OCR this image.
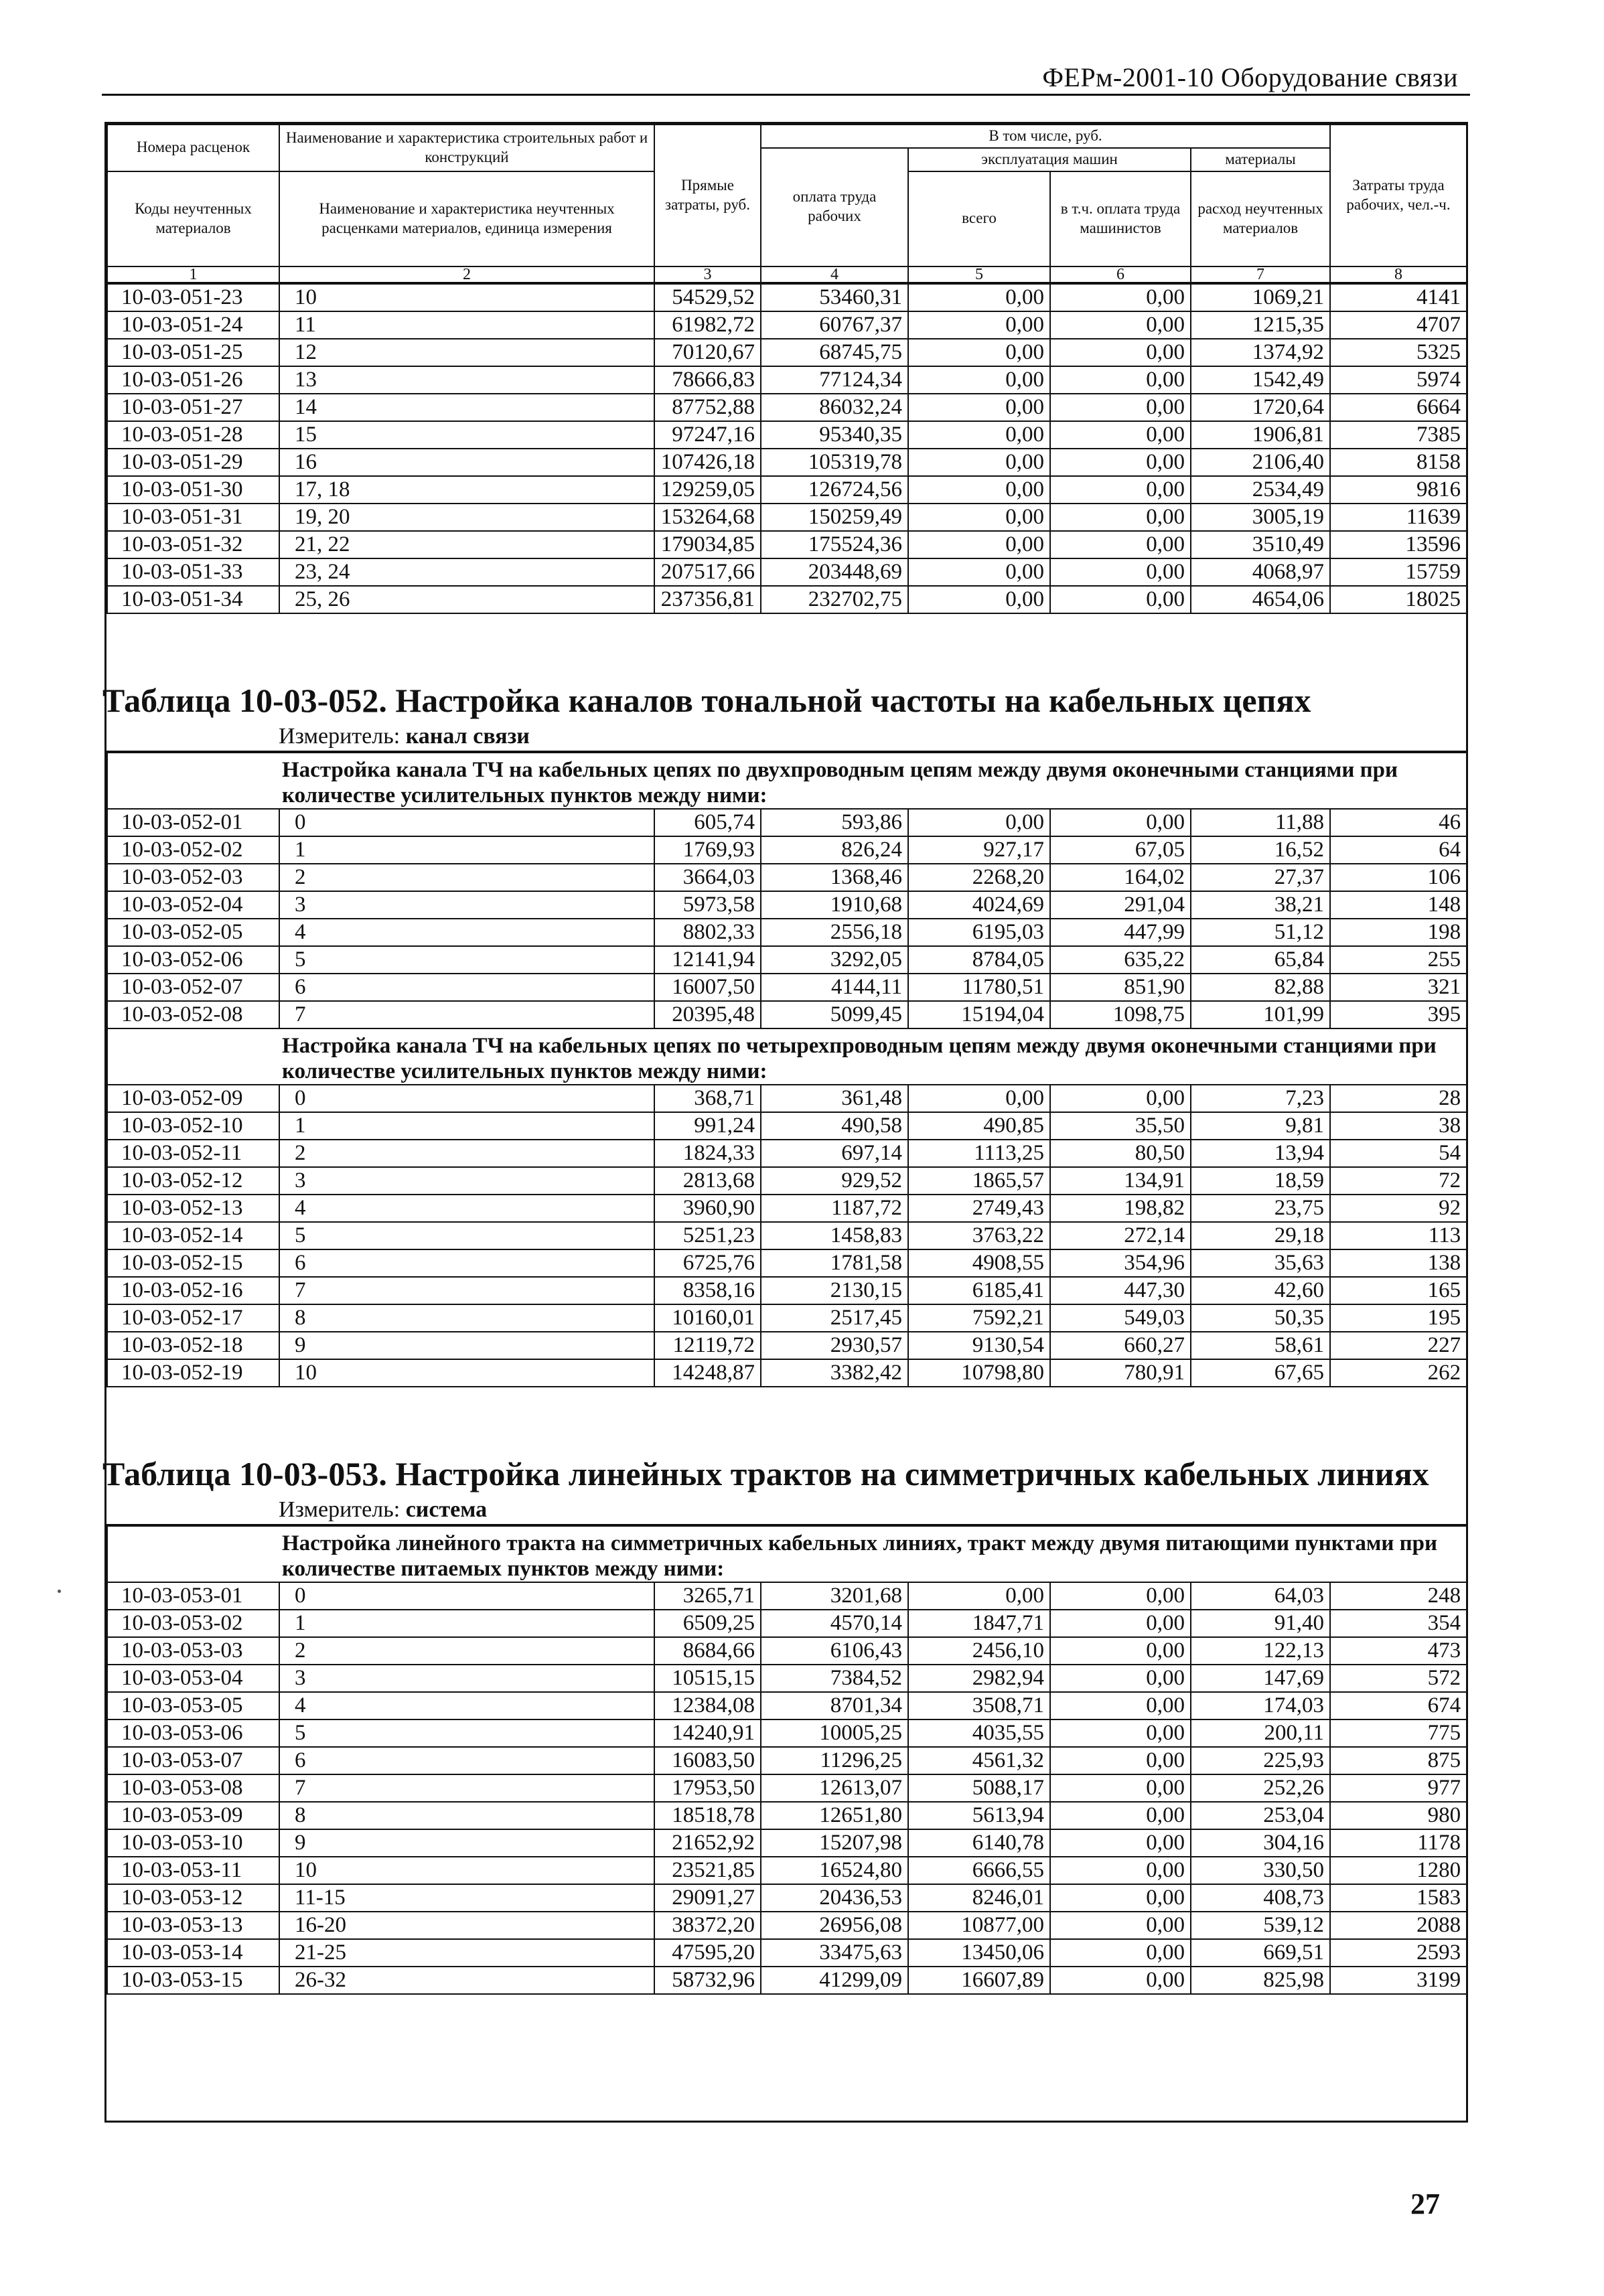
ФЕРм-2001-10 Оборудование связи
Номера расценок	Наименование и характеристика строительных работ и конструкций	Прямые затраты, руб.	В том числе, руб.				Затраты труда рабочих, чел.-ч.
			оплата труда рабочих	эксплуатация машин		материалы	
Коды неучтенных материалов	Наименование и характеристика неучтенных расценками материалов, единица измерения			всего	в т.ч. оплата труда машинистов	расход неучтенных материалов	

1	2	3	4	5	6	7	8
10-03-051-23	10	54529,52	53460,31	0,00	0,00	1069,21	4141
10-03-051-24	11	61982,72	60767,37	0,00	0,00	1215,35	4707
10-03-051-25	12	70120,67	68745,75	0,00	0,00	1374,92	5325
10-03-051-26	13	78666,83	77124,34	0,00	0,00	1542,49	5974
10-03-051-27	14	87752,88	86032,24	0,00	0,00	1720,64	6664
10-03-051-28	15	97247,16	95340,35	0,00	0,00	1906,81	7385
10-03-051-29	16	107426,18	105319,78	0,00	0,00	2106,40	8158
10-03-051-30	17, 18	129259,05	126724,56	0,00	0,00	2534,49	9816
10-03-051-31	19, 20	153264,68	150259,49	0,00	0,00	3005,19	11639
10-03-051-32	21, 22	179034,85	175524,36	0,00	0,00	3510,49	13596
10-03-051-33	23, 24	207517,66	203448,69	0,00	0,00	4068,97	15759
10-03-051-34	25, 26	237356,81	232702,75	0,00	0,00	4654,06	18025
Таблица 10-03-052. Настройка каналов тональной частоты на кабельных цепях
Измеритель: канал связи
	Настройка канала ТЧ на кабельных цепях по двухпроводным цепям между двумя оконечными станциями при количестве усилительных пунктов между ними:						
10-03-052-01	0	605,74	593,86	0,00	0,00	11,88	46
10-03-052-02	1	1769,93	826,24	927,17	67,05	16,52	64
10-03-052-03	2	3664,03	1368,46	2268,20	164,02	27,37	106
10-03-052-04	3	5973,58	1910,68	4024,69	291,04	38,21	148
10-03-052-05	4	8802,33	2556,18	6195,03	447,99	51,12	198
10-03-052-06	5	12141,94	3292,05	8784,05	635,22	65,84	255
10-03-052-07	6	16007,50	4144,11	11780,51	851,90	82,88	321
10-03-052-08	7	20395,48	5099,45	15194,04	1098,75	101,99	395
	Настройка канала ТЧ на кабельных цепях по четырехпроводным цепям между двумя оконечными станциями при количестве усилительных пунктов между ними:						
10-03-052-09	0	368,71	361,48	0,00	0,00	7,23	28
10-03-052-10	1	991,24	490,58	490,85	35,50	9,81	38
10-03-052-11	2	1824,33	697,14	1113,25	80,50	13,94	54
10-03-052-12	3	2813,68	929,52	1865,57	134,91	18,59	72
10-03-052-13	4	3960,90	1187,72	2749,43	198,82	23,75	92
10-03-052-14	5	5251,23	1458,83	3763,22	272,14	29,18	113
10-03-052-15	6	6725,76	1781,58	4908,55	354,96	35,63	138
10-03-052-16	7	8358,16	2130,15	6185,41	447,30	42,60	165
10-03-052-17	8	10160,01	2517,45	7592,21	549,03	50,35	195
10-03-052-18	9	12119,72	2930,57	9130,54	660,27	58,61	227
10-03-052-19	10	14248,87	3382,42	10798,80	780,91	67,65	262
Таблица 10-03-053. Настройка линейных трактов на симметричных кабельных линиях
Измеритель: система
	Настройка линейного тракта на симметричных кабельных линиях, тракт между двумя питающими пунктами при количестве питаемых пунктов между ними:						
10-03-053-01	0	3265,71	3201,68	0,00	0,00	64,03	248
10-03-053-02	1	6509,25	4570,14	1847,71	0,00	91,40	354
10-03-053-03	2	8684,66	6106,43	2456,10	0,00	122,13	473
10-03-053-04	3	10515,15	7384,52	2982,94	0,00	147,69	572
10-03-053-05	4	12384,08	8701,34	3508,71	0,00	174,03	674
10-03-053-06	5	14240,91	10005,25	4035,55	0,00	200,11	775
10-03-053-07	6	16083,50	11296,25	4561,32	0,00	225,93	875
10-03-053-08	7	17953,50	12613,07	5088,17	0,00	252,26	977
10-03-053-09	8	18518,78	12651,80	5613,94	0,00	253,04	980
10-03-053-10	9	21652,92	15207,98	6140,78	0,00	304,16	1178
10-03-053-11	10	23521,85	16524,80	6666,55	0,00	330,50	1280
10-03-053-12	11-15	29091,27	20436,53	8246,01	0,00	408,73	1583
10-03-053-13	16-20	38372,20	26956,08	10877,00	0,00	539,12	2088
10-03-053-14	21-25	47595,20	33475,63	13450,06	0,00	669,51	2593
10-03-053-15	26-32	58732,96	41299,09	16607,89	0,00	825,98	3199
27
